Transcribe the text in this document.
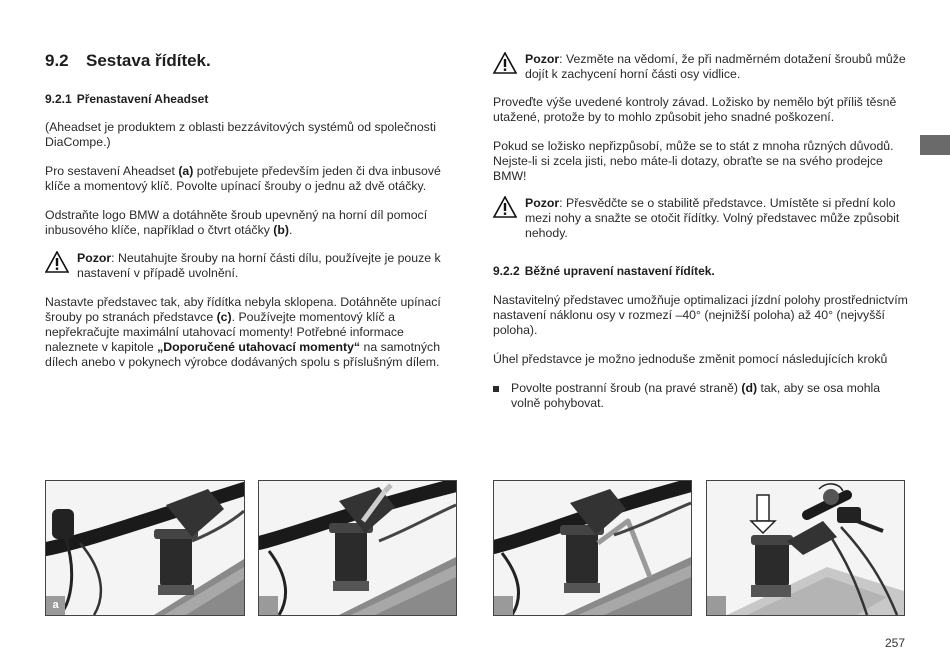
9.2 Sestava řídítek.
9.2.1 Přenastavení Aheadset

(Aheadset je produktem z oblasti bezzávitových systémů od společnosti DiaCompe.)

Pro sestavení Aheadset (a) potřebujete především jeden či dva inbusové klíče a momentový klíč. Povolte upínací šrouby o jednu až dvě otáčky.

Odstraňte logo BMW a dotáhněte šroub upevněný na horní díl pomocí inbusového klíče, například o čtvrt otáčky (b).

Pozor: Neutahujte šrouby na horní části dílu, používejte je pouze k nastavení v případě uvolnění.

Nastavte představec tak, aby řídítka nebyla sklopena. Dotáhněte upínací šrouby po stranách představce (c). Používejte momentový klíč a nepřekračujte maximální utahovací momenty! Potřebné informace naleznete v kapitole „Doporučené utahovací momenty“ na samotných dílech anebo v pokynech výrobce dodávaných spolu s příslušným dílem.

Pozor: Vezměte na vědomí, že při nadměrném dotažení šroubů může dojít k zachycení horní části osy vidlice.

Proveďte výše uvedené kontroly závad. Ložisko by nemělo být příliš těsně utažené, protože by to mohlo způsobit jeho snadné poškození.

Pokud se ložisko nepřizpůsobí, může se to stát z mnoha různých důvodů. Nejste-li si zcela jisti, nebo máte-li dotazy, obraťte se na svého prodejce BMW!

Pozor: Přesvědčte se o stabilitě představce. Umístěte si přední kolo mezi nohy a snažte se otočit řídítky. Volný představec může způsobit nehody.
9.2.2 Běžné upravení nastavení řídítek.

Nastavitelný představec umožňuje optimalizaci jízdní polohy prostřednictvím nastavení náklonu osy v rozmezí –40° (nejnižší poloha) až 40° (nejvyšší poloha).

Úhel představce je možno jednoduše změnit pomocí následujících kroků

Povolte postranní šroub (na pravé straně) (d) tak, aby se osa mohla volně pohybovat.
a
257
